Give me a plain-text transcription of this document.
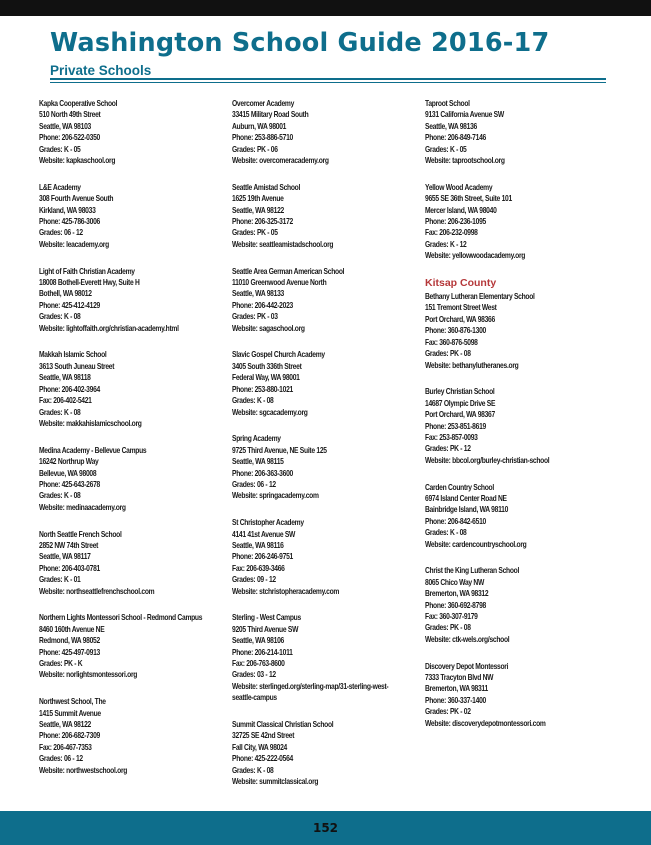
Washington School Guide 2016-17
Private Schools
Kapka Cooperative School
510 North 49th Street
Seattle, WA 98103
Phone: 206-522-0350
Grades: K - 05
Website: kapkaschool.org
L&E Academy
308 Fourth Avenue South
Kirkland, WA 98033
Phone: 425-786-3006
Grades: 06 - 12
Website: leacademy.org
Light of Faith Christian Academy
18008 Bothell-Everett Hwy, Suite H
Bothell, WA 98012
Phone: 425-412-4129
Grades: K - 08
Website: lightoffaith.org/christian-academy.html
Makkah Islamic School
3613 South Juneau Street
Seattle, WA 98118
Phone: 206-402-3964
Fax: 206-402-5421
Grades: K - 08
Website: makkahislamicschool.org
Medina Academy - Bellevue Campus
16242 Northrup Way
Bellevue, WA 98008
Phone: 425-643-2678
Grades: K - 08
Website: medinaacademy.org
North Seattle French School
2852 NW 74th Street
Seattle, WA 98117
Phone: 206-403-0781
Grades: K - 01
Website: northseattlefrenchschool.com
Northern Lights Montessori School - Redmond Campus
8460 160th Avenue NE
Redmond, WA 98052
Phone: 425-497-0913
Grades: PK - K
Website: norlightsmontessori.org
Northwest School, The
1415 Summit Avenue
Seattle, WA 98122
Phone: 206-682-7309
Fax: 206-467-7353
Grades: 06 - 12
Website: northwestschool.org
Overcomer Academy
33415 Military Road South
Auburn, WA 98001
Phone: 253-886-5710
Grades: PK - 06
Website: overcomeracademy.org
Seattle Amistad School
1625 19th Avenue
Seattle, WA 98122
Phone: 206-325-3172
Grades: PK - 05
Website: seattleamistadschool.org
Seattle Area German American School
11010 Greenwood Avenue North
Seattle, WA 98133
Phone: 206-442-2023
Grades: PK - 03
Website: sagaschool.org
Slavic Gospel Church Academy
3405 South 336th Street
Federal Way, WA 98001
Phone: 253-880-1021
Grades: K - 08
Website: sgcacademy.org
Spring Academy
9725 Third Avenue, NE Suite 125
Seattle, WA 98115
Phone: 206-363-3600
Grades: 06 - 12
Website: springacademy.com
St Christopher Academy
4141 41st Avenue SW
Seattle, WA 98116
Phone: 206-246-9751
Fax: 206-639-3466
Grades: 09 - 12
Website: stchristopheracademy.com
Sterling - West Campus
9205 Third Avenue SW
Seattle, WA 98106
Phone: 206-214-1011
Fax: 206-763-8600
Grades: 03 - 12
Website: sterlinged.org/sterling-map/31-sterling-west-seattle-campus
Summit Classical Christian School
32725 SE 42nd Street
Fall City, WA 98024
Phone: 425-222-0564
Grades: K - 08
Website: summitclassical.org
Taproot School
9131 California Avenue SW
Seattle, WA 98136
Phone: 206-849-7146
Grades: K - 05
Website: taprootschool.org
Yellow Wood Academy
9655 SE 36th Street, Suite 101
Mercer Island, WA 98040
Phone: 206-236-1095
Fax: 206-232-0998
Grades: K - 12
Website: yellowwoodacademy.org
Kitsap County
Bethany Lutheran Elementary School
151 Tremont Street West
Port Orchard, WA 98366
Phone: 360-876-1300
Fax: 360-876-5098
Grades: PK - 08
Website: bethanylutheranes.org
Burley Christian School
14687 Olympic Drive SE
Port Orchard, WA 98367
Phone: 253-851-8619
Fax: 253-857-0093
Grades: PK - 12
Website: bbcol.org/burley-christian-school
Carden Country School
6974 Island Center Road NE
Bainbridge Island, WA 98110
Phone: 206-842-6510
Grades: K - 08
Website: cardencountryschool.org
Christ the King Lutheran School
8065 Chico Way NW
Bremerton, WA 98312
Phone: 360-692-8798
Fax: 360-307-9179
Grades: PK - 08
Website: ctk-wels.org/school
Discovery Depot Montessori
7333 Tracyton Blvd NW
Bremerton, WA 98311
Phone: 360-337-1400
Grades: PK - 02
Website: discoverydepotmontessori.com

152
